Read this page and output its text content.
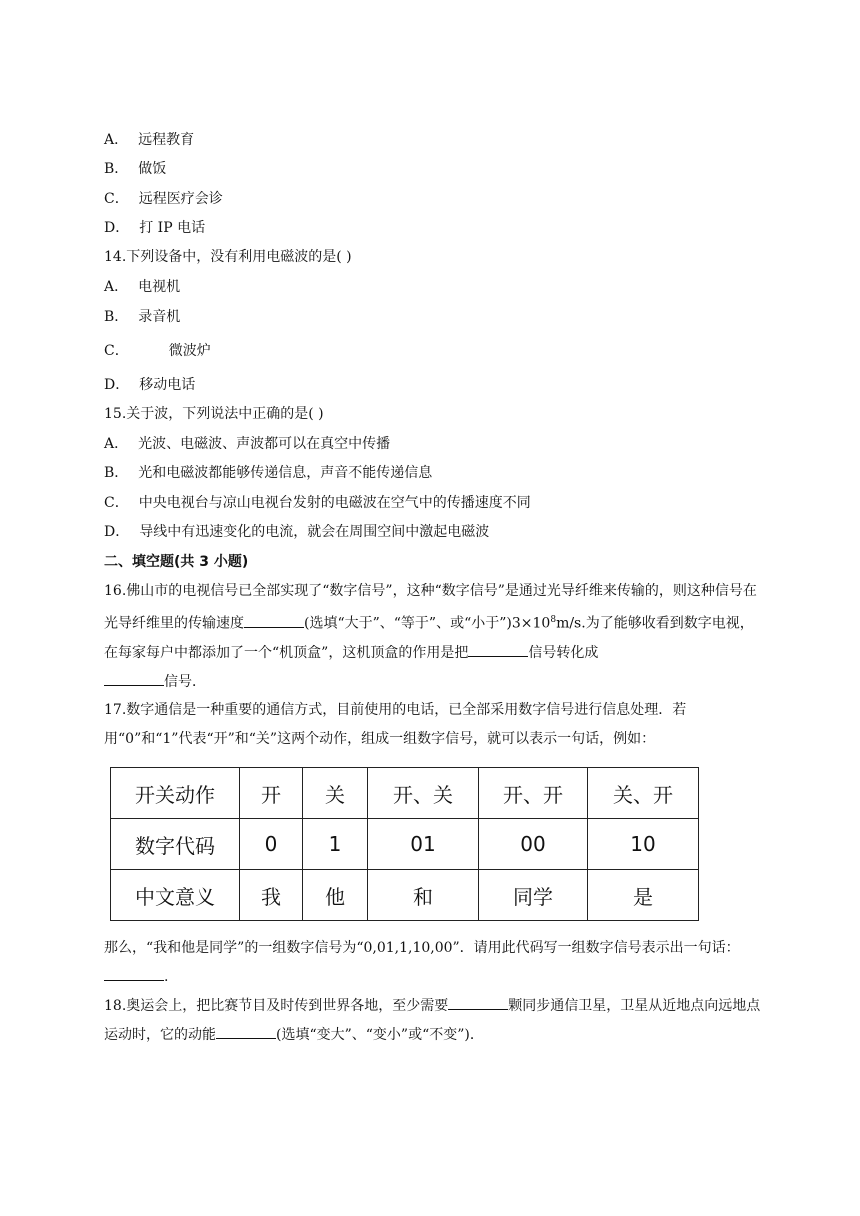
A． 远程教育
B． 做饭
C． 远程医疗会诊
D． 打 IP 电话
14.下列设备中，没有利用电磁波的是( )
A． 电视机
B． 录音机
C．	微波炉
D． 移动电话
15.关于波，下列说法中正确的是( )
A． 光波、电磁波、声波都可以在真空中传播
B． 光和电磁波都能够传递信息，声音不能传递信息
C． 中央电视台与凉山电视台发射的电磁波在空气中的传播速度不同
D． 导线中有迅速变化的电流，就会在周围空间中激起电磁波
二、填空题(共 3 小题)
16.佛山市的电视信号已全部实现了“数字信号”，这种“数字信号”是通过光导纤维来传输的，则这种信号在光导纤维里的传输速度	(选填“大于”、“等于”、或“小于$”)3\times 10^8m/s$.为了能够收看到数字电视，在每家每户中都添加了一个“机顶盒”，这机顶盒的作用是把	信号转化成
信号．
17.数字通信是一种重要的通信方式，目前使用的电话，已全部采用数字信号进行信息处理．若用“0”和“1”代表“开”和“关”这两个动作，组成一组数字信号，就可以表示一句话，例如：
开关动作	开	关	开、关	开、开	关、开
数字代码	0	1	01	00	10
中文意义	我	他	和	同学	是
那么，“我和他是同学”的一组数字信号为“0,01,1,10,00”．请用此代码写一组数字信号表示出一句话：
.
18.奥运会上，把比赛节目及时传到世界各地，至少需要	颗同步通信卫星，卫星从近地点向远地点运动时，它的动能	(选填“变大”、“变小”或“不变”)．
